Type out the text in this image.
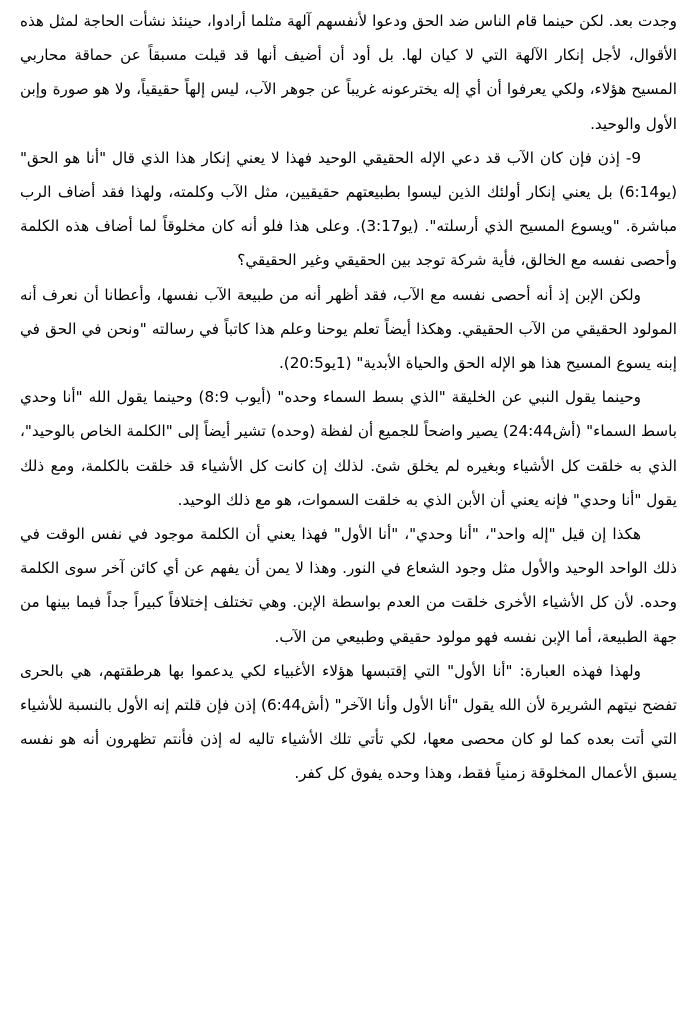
وجدت بعد. لكن حينما قام الناس ضد الحق ودعوا لأنفسهم آلهة مثلما أرادوا، حينئذ نشأت الحاجة لمثل هذه الأقوال، لأجل إنكار الآلهة التي لا كيان لها. بل أود أن أضيف أنها قد قيلت مسبقاً عن حماقة محاربي المسيح هؤلاء، ولكي يعرفوا أن أي إله يخترعونه غريباً عن جوهر الآب، ليس إلهاً حقيقياً، ولا هو صورة وإبن الأول والوحيد.

9- إذن فإن كان الآب قد دعي الإله الحقيقي الوحيد فهذا لا يعني إنكار هذا الذي قال "أنا هو الحق" (يو6:14) بل يعني إنكار أولئك الذين ليسوا بطبيعتهم حقيقيين، مثل الآب وكلمته، ولهذا فقد أضاف الرب مباشرة. "ويسوع المسيح الذي أرسلته". (يو3:17). وعلى هذا فلو أنه كان مخلوقاً لما أضاف هذه الكلمة وأحصى نفسه مع الخالق، فأية شركة توجد بين الحقيقي وغير الحقيقي؟

ولكن الإبن إذ أنه أحصى نفسه مع الآب، فقد أظهر أنه من طبيعة الآب نفسها، وأعطانا أن نعرف أنه المولود الحقيقي من الآب الحقيقي. وهكذا أيضاً تعلم يوحنا وعلم هذا كاتباً في رسالته "ونحن في الحق في إبنه يسوع المسيح هذا هو الإله الحق والحياة الأبدية" (1يو20:5).

وحينما يقول النبي عن الخليقة "الذي بسط السماء وحده" (أيوب 8:9) وحينما يقول الله "أنا وحدي باسط السماء" (أش24:44) يصير واضحاً للجميع أن لفظة (وحده) تشير أيضاً إلى "الكلمة الخاص بالوحيد"، الذي به خلقت كل الأشياء وبغيره لم يخلق شئ. لذلك إن كانت كل الأشياء قد خلقت بالكلمة، ومع ذلك يقول "أنا وحدي" فإنه يعني أن الأبن الذي به خلقت السموات، هو مع ذلك الوحيد.

هكذا إن قيل "إله واحد"، "أنا وحدي"، "أنا الأول" فهذا يعني أن الكلمة موجود في نفس الوقت في ذلك الواحد الوحيد والأول مثل وجود الشعاع في النور. وهذا لا يمن أن يفهم عن أي كائن آخر سوى الكلمة وحده. لأن كل الأشياء الأخرى خلقت من العدم بواسطة الإبن. وهي تختلف إختلافاً كبيراً جداً فيما بينها من جهة الطبيعة، أما الإبن نفسه فهو مولود حقيقي وطبيعي من الآب.

ولهذا فهذه العبارة: "أنا الأول" التي إقتبسها هؤلاء الأغبياء لكي يدعموا بها هرطقتهم، هي بالحرى تفضح نيتهم الشريرة لأن الله يقول "أنا الأول وأنا الآخر" (أش6:44) إذن فإن قلتم إنه الأول بالنسبة للأشياء التي أتت بعده كما لو كان محصى معها، لكي تأتي تلك الأشياء تاليه له إذن فأنتم تظهرون أنه هو نفسه يسبق الأعمال المخلوقة زمنياً فقط، وهذا وحده يفوق كل كفر.
